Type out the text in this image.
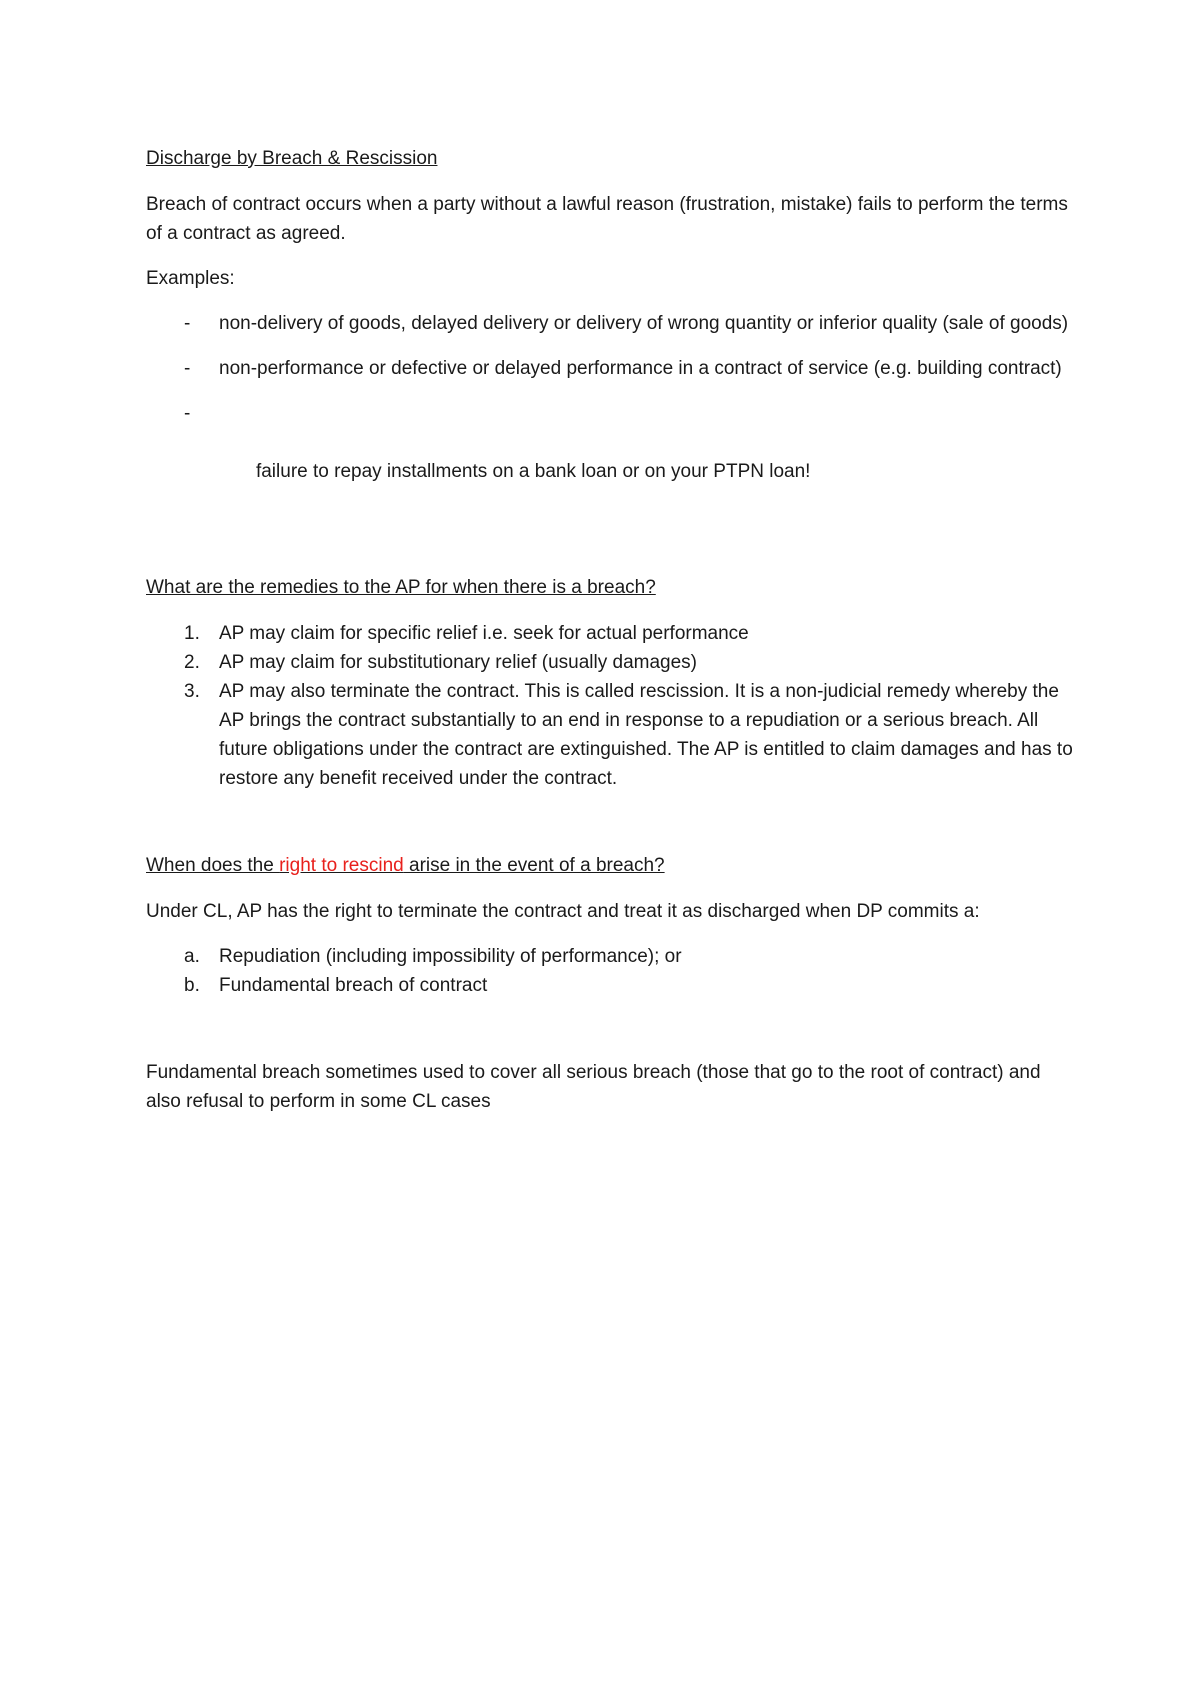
Discharge by Breach & Rescission

Breach of contract occurs when a party without a lawful reason (frustration, mistake) fails to perform the terms of a contract as agreed.

Examples:

- non-delivery of goods, delayed delivery or delivery of wrong quantity or inferior quality (sale of goods)
- non-performance or defective or delayed performance in a contract of service (e.g. building contract)

-

failure to repay installments on a bank loan or on your PTPN loan!

What are the remedies to the AP for when there is a breach?

1. AP may claim for specific relief i.e. seek for actual performance
2. AP may claim for substitutionary relief (usually damages)
3. AP may also terminate the contract. This is called rescission. It is a non-judicial remedy whereby the AP brings the contract substantially to an end in response to a repudiation or a serious breach. All future obligations under the contract are extinguished. The AP is entitled to claim damages and has to restore any benefit received under the contract.

When does the right to rescind arise in the event of a breach?

Under CL, AP has the right to terminate the contract and treat it as discharged when DP commits a:

a. Repudiation (including impossibility of performance); or
b. Fundamental breach of contract

Fundamental breach sometimes used to cover all serious breach (those that go to the root of contract) and also refusal to perform in some CL cases
